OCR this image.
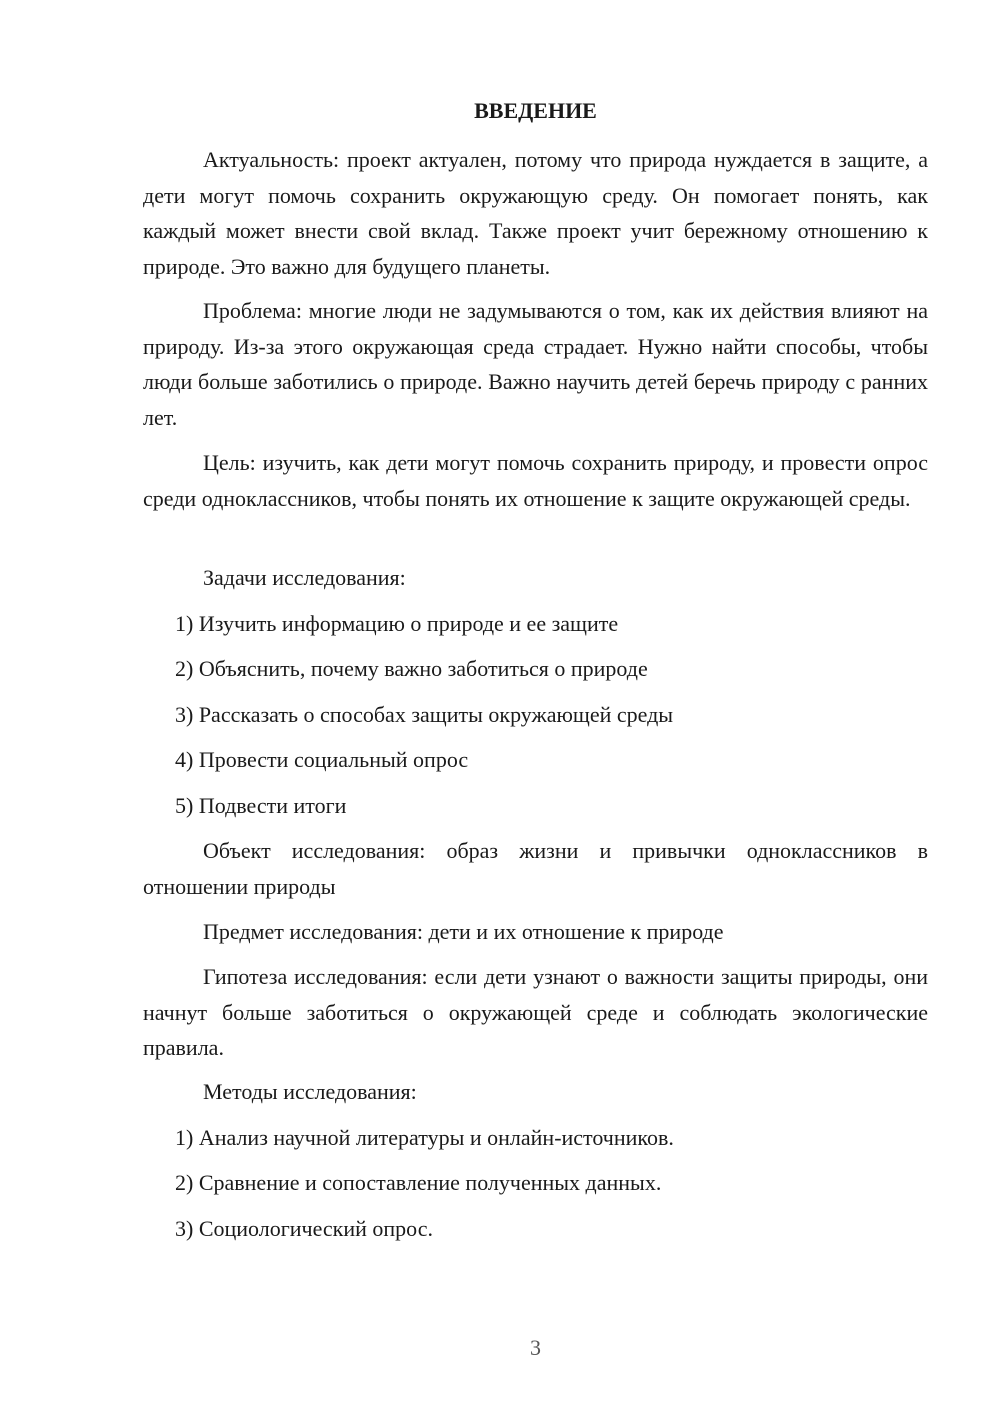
ВВЕДЕНИЕ

Актуальность: проект актуален, потому что природа нуждается в защите, а дети могут помочь сохранить окружающую среду. Он помогает понять, как каждый может внести свой вклад. Также проект учит бережному отношению к природе. Это важно для будущего планеты.

Проблема: многие люди не задумываются о том, как их действия влияют на природу. Из-за этого окружающая среда страдает. Нужно найти способы, чтобы люди больше заботились о природе. Важно научить детей беречь природу с ранних лет.

Цель: изучить, как дети могут помочь сохранить природу, и провести опрос среди одноклассников, чтобы понять их отношение к защите окружающей среды.

Задачи исследования:

1) Изучить информацию о природе и ее защите

2) Объяснить, почему важно заботиться о природе

3) Рассказать о способах защиты окружающей среды

4) Провести социальный опрос

5) Подвести итоги

Объект исследования: образ жизни и привычки одноклассников в отношении природы

Предмет исследования: дети и их отношение к природе

Гипотеза исследования: если дети узнают о важности защиты природы, они начнут больше заботиться о окружающей среде и соблюдать экологические правила.

Методы исследования:

1) Анализ научной литературы и онлайн-источников.

2) Сравнение и сопоставление полученных данных.

3) Социологический опрос.

3
